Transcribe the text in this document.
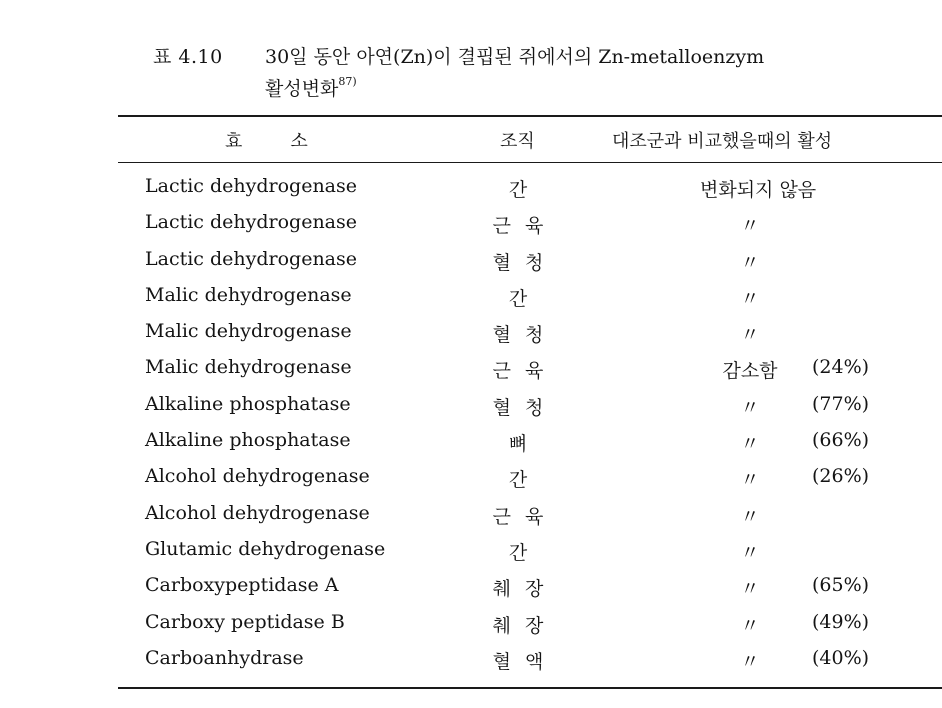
표 4.10 30일 동안 아연(Zn)이 결핍된 쥐에서의 Zn-metalloenzym
활성변화$^{87)}$
효소	조직	대조군과 비교했을때의 활성
Lactic dehydrogenase	간	변화되지 않음
Lactic dehydrogenase	근 육	〃
Lactic dehydrogenase	혈 청	〃
Malic dehydrogenase	간	〃
Malic dehydrogenase	혈 청	〃
Malic dehydrogenase	근 육	감소함	(24%)
Alkaline phosphatase	혈 청	〃	(77%)
Alkaline phosphatase	뼈	〃	(66%)
Alcohol dehydrogenase	간	〃	(26%)
Alcohol dehydrogenase	근 육	〃
Glutamic dehydrogenase	간	〃
Carboxypeptidase A	췌 장	〃	(65%)
Carboxy peptidase B	췌 장	〃	(49%)
Carboanhydrase	혈 액	〃	(40%)
